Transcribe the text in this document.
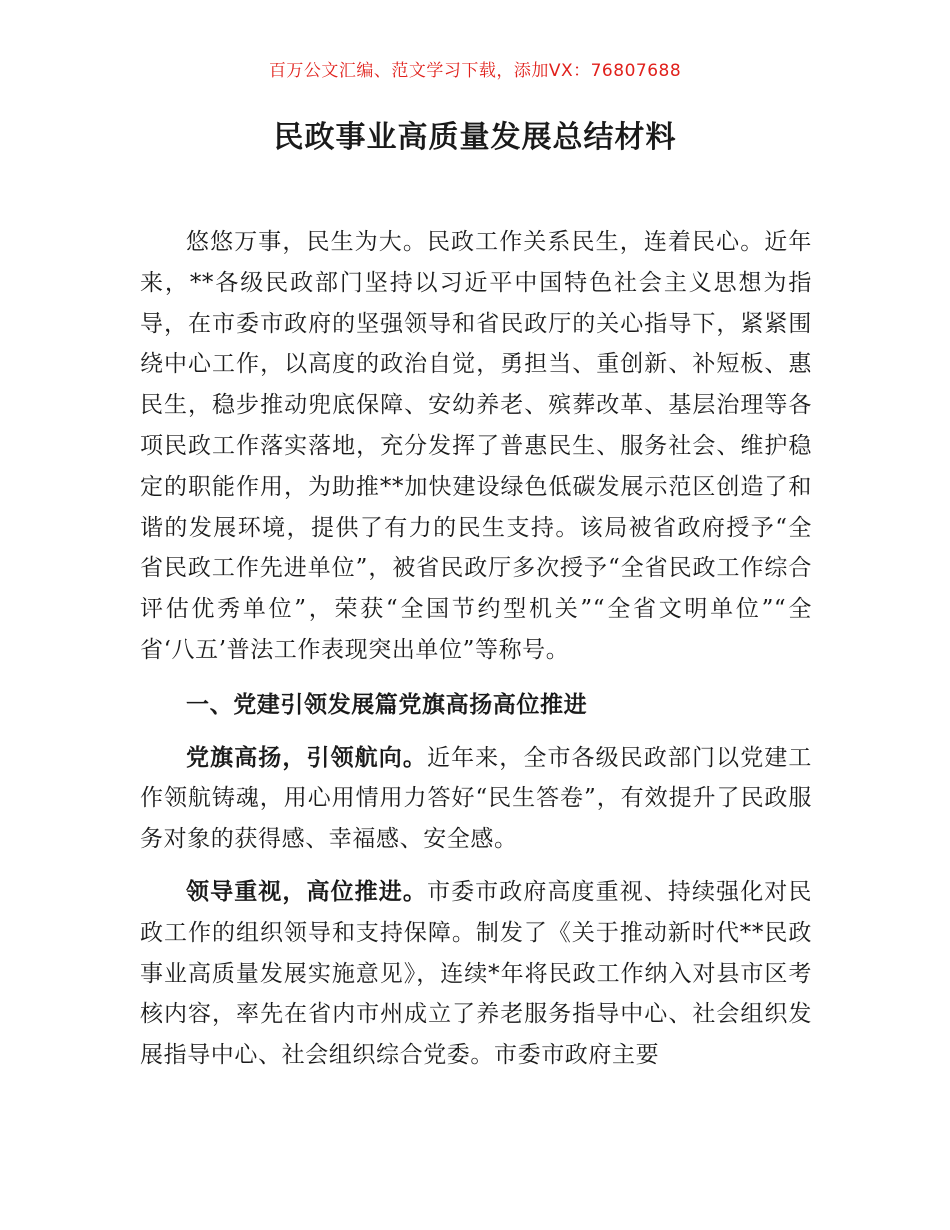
百万公文汇编、范文学习下载，添加VX：76807688
民政事业高质量发展总结材料

悠悠万事，民生为大。民政工作关系民生，连着民心。近年来，**各级民政部门坚持以习近平中国特色社会主义思想为指导，在市委市政府的坚强领导和省民政厅的关心指导下，紧紧围绕中心工作，以高度的政治自觉，勇担当、重创新、补短板、惠民生，稳步推动兜底保障、安幼养老、殡葬改革、基层治理等各项民政工作落实落地，充分发挥了普惠民生、服务社会、维护稳定的职能作用，为助推**加快建设绿色低碳发展示范区创造了和谐的发展环境，提供了有力的民生支持。该局被省政府授予“全省民政工作先进单位”，被省民政厅多次授予“全省民政工作综合评估优秀单位”，荣获“全国节约型机关”“全省文明单位”“全省‘八五’普法工作表现突出单位”等称号。

一、党建引领发展篇党旗高扬高位推进

党旗高扬，引领航向。近年来，全市各级民政部门以党建工作领航铸魂，用心用情用力答好“民生答卷”，有效提升了民政服务对象的获得感、幸福感、安全感。

领导重视，高位推进。市委市政府高度重视、持续强化对民政工作的组织领导和支持保障。制发了《关于推动新时代**民政事业高质量发展实施意见》，连续*年将民政工作纳入对县市区考核内容，率先在省内市州成立了养老服务指导中心、社会组织发展指导中心、社会组织综合党委。市委市政府主要
